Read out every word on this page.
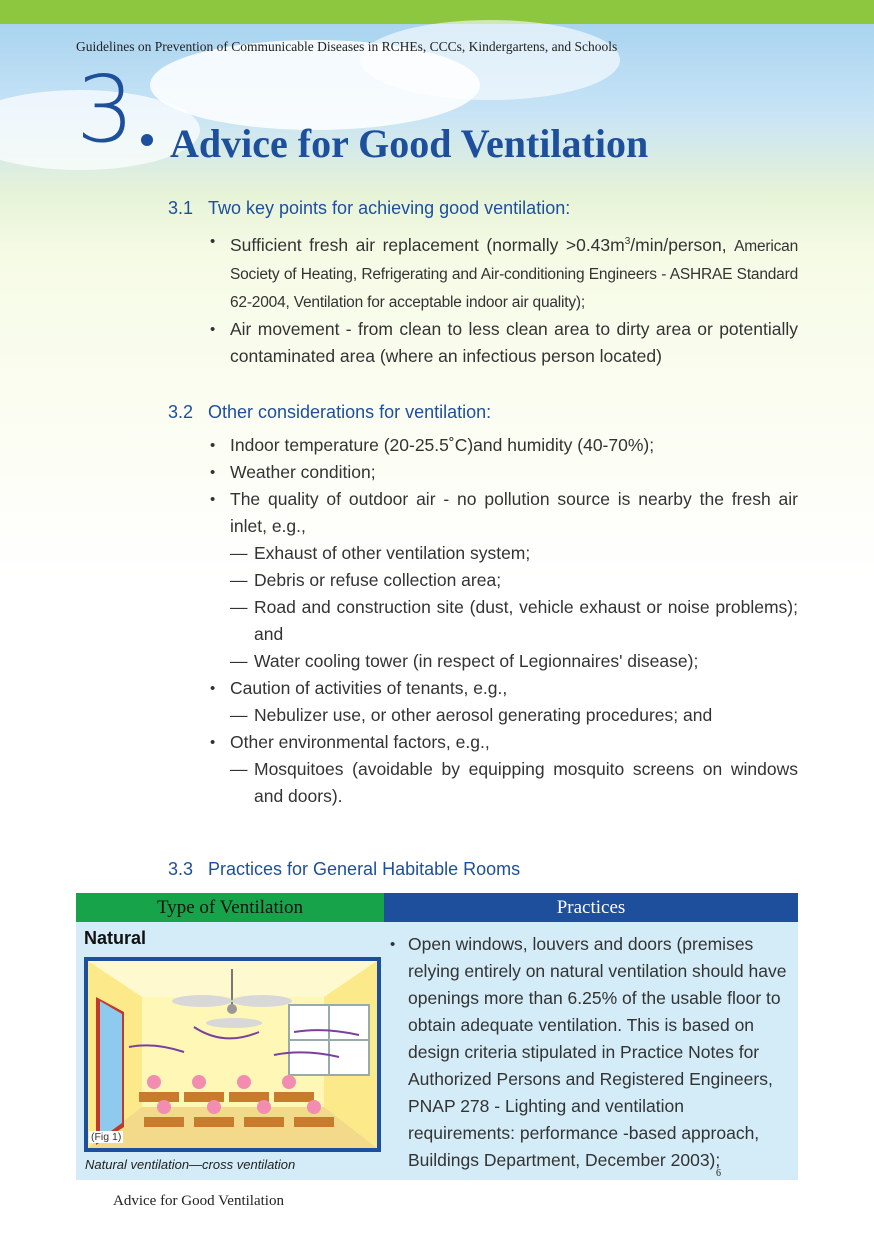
Guidelines on Prevention of Communicable Diseases in RCHEs, CCCs, Kindergartens, and Schools
3 Advice for Good Ventilation
3.1 Two key points for achieving good ventilation:
• Sufficient fresh air replacement (normally $>0.43m^3/\min$/person, American Society of Heating, Refrigerating and Air-conditioning Engineers - ASHRAE Standard 62-2004, Ventilation for acceptable indoor air quality);
• Air movement - from clean to less clean area to dirty area or potentially contaminated area (where an infectious person located)
3.2 Other considerations for ventilation:
• Indoor temperature (20-25.5˚C)and humidity (40-70%);
• Weather condition;
• The quality of outdoor air - no pollution source is nearby the fresh air inlet, e.g.,
— Exhaust of other ventilation system;
— Debris or refuse collection area;
— Road and construction site (dust, vehicle exhaust or noise problems); and
— Water cooling tower (in respect of Legionnaires' disease);
• Caution of activities of tenants, e.g.,
— Nebulizer use, or other aerosol generating procedures; and
• Other environmental factors, e.g.,
— Mosquitoes (avoidable by equipping mosquito screens on windows and doors).
3.3 Practices for General Habitable Rooms
Type of Ventilation	Practices
Natural
(Fig 1)
Natural ventilation—cross ventilation
• Open windows, louvers and doors (premises relying entirely on natural ventilation should have openings more than 6.25% of the usable floor to obtain adequate ventilation. This is based on design criteria stipulated in Practice Notes for Authorized Persons and Registered Engineers, PNAP 278 - Lighting and ventilation requirements: performance -based approach, Buildings Department, December 2003);
6
Advice for Good Ventilation
